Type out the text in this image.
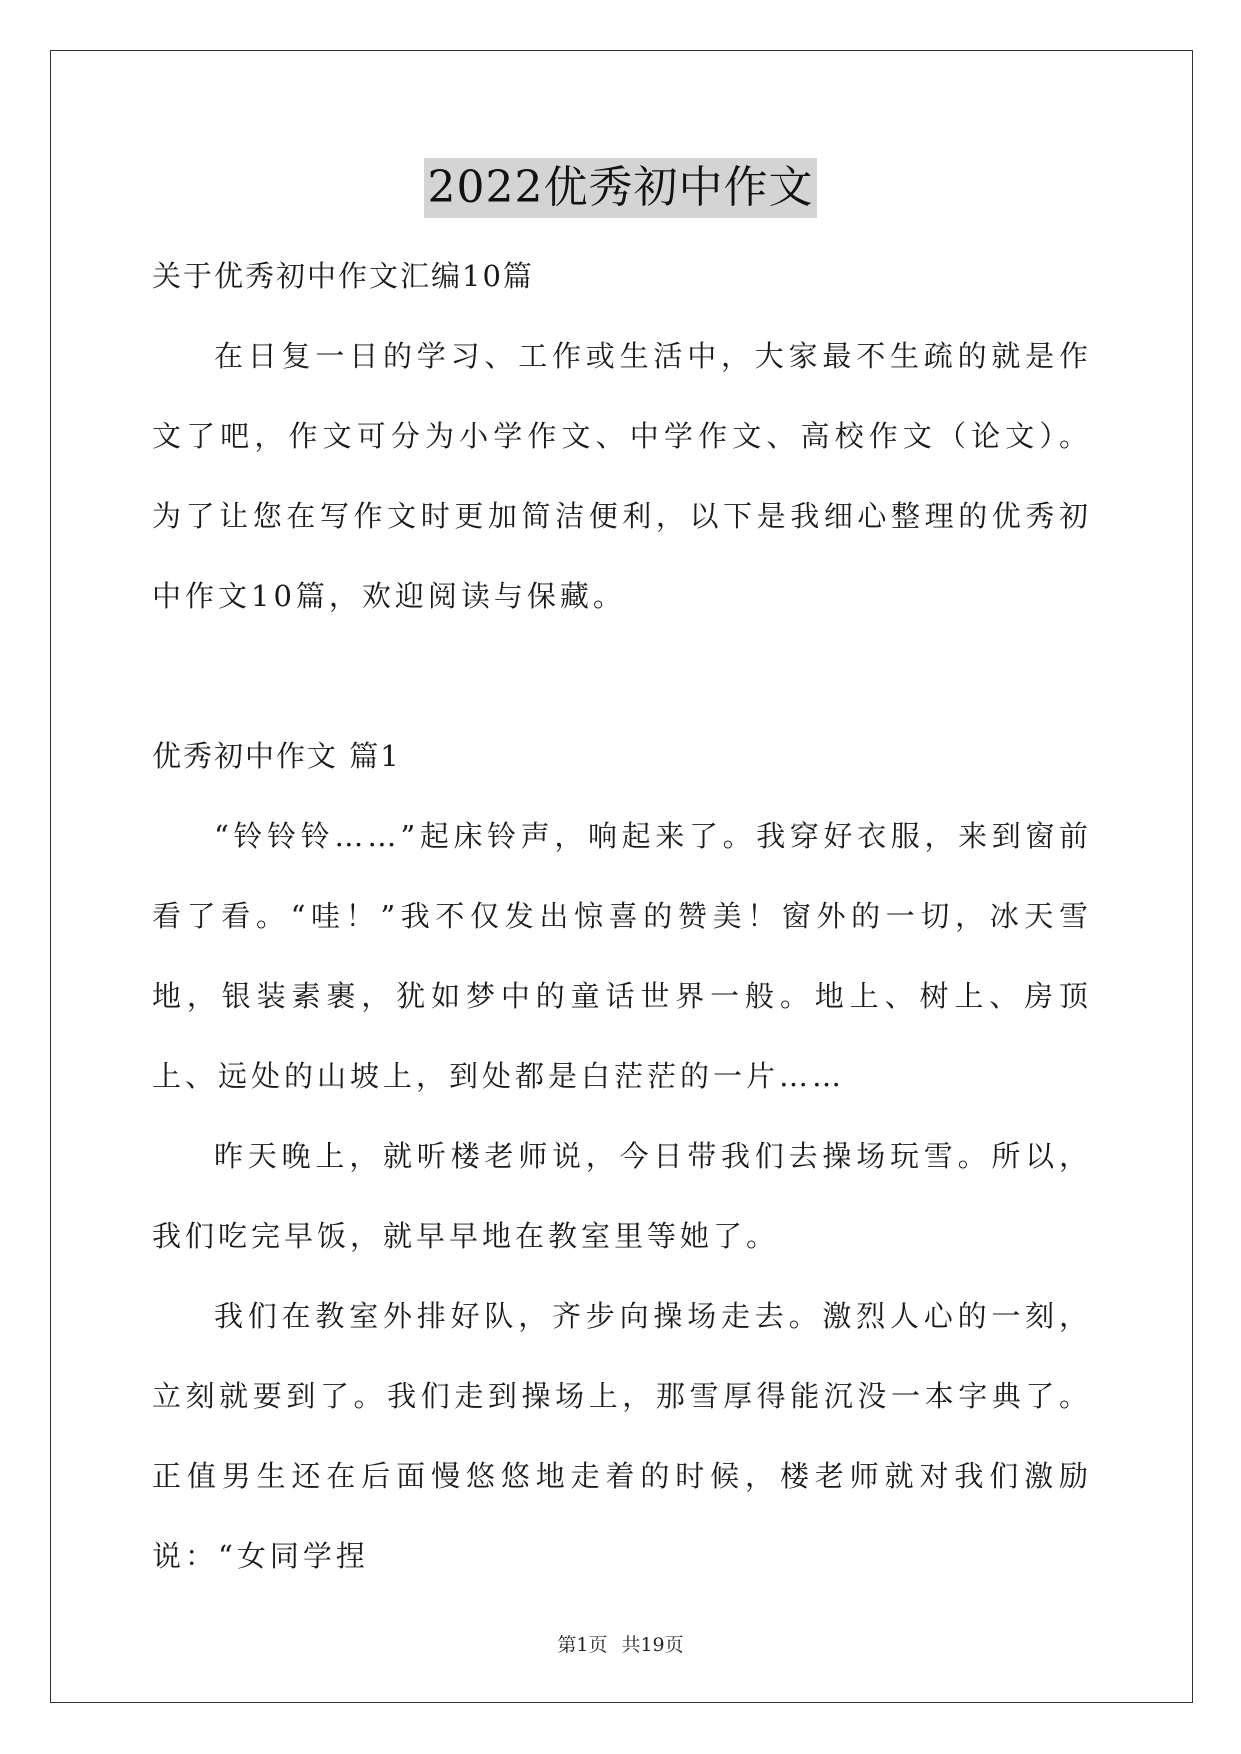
2022优秀初中作文

关于优秀初中作文汇编10篇

在日复一日的学习、工作或生活中，大家最不生疏的就是作文了吧，作文可分为小学作文、中学作文、高校作文（论文）。为了让您在写作文时更加简洁便利，以下是我细心整理的优秀初中作文10篇，欢迎阅读与保藏。

优秀初中作文 篇1

“铃铃铃……”起床铃声，响起来了。我穿好衣服，来到窗前看了看。“哇！”我不仅发出惊喜的赞美！窗外的一切，冰天雪地，银装素裹，犹如梦中的童话世界一般。地上、树上、房顶上、远处的山坡上，到处都是白茫茫的一片……

昨天晚上，就听楼老师说，今日带我们去操场玩雪。所以，我们吃完早饭，就早早地在教室里等她了。

我们在教室外排好队，齐步向操场走去。激烈人心的一刻，立刻就要到了。我们走到操场上，那雪厚得能沉没一本字典了。正值男生还在后面慢悠悠地走着的时候，楼老师就对我们激励说：“女同学捏

第1页 共19页
